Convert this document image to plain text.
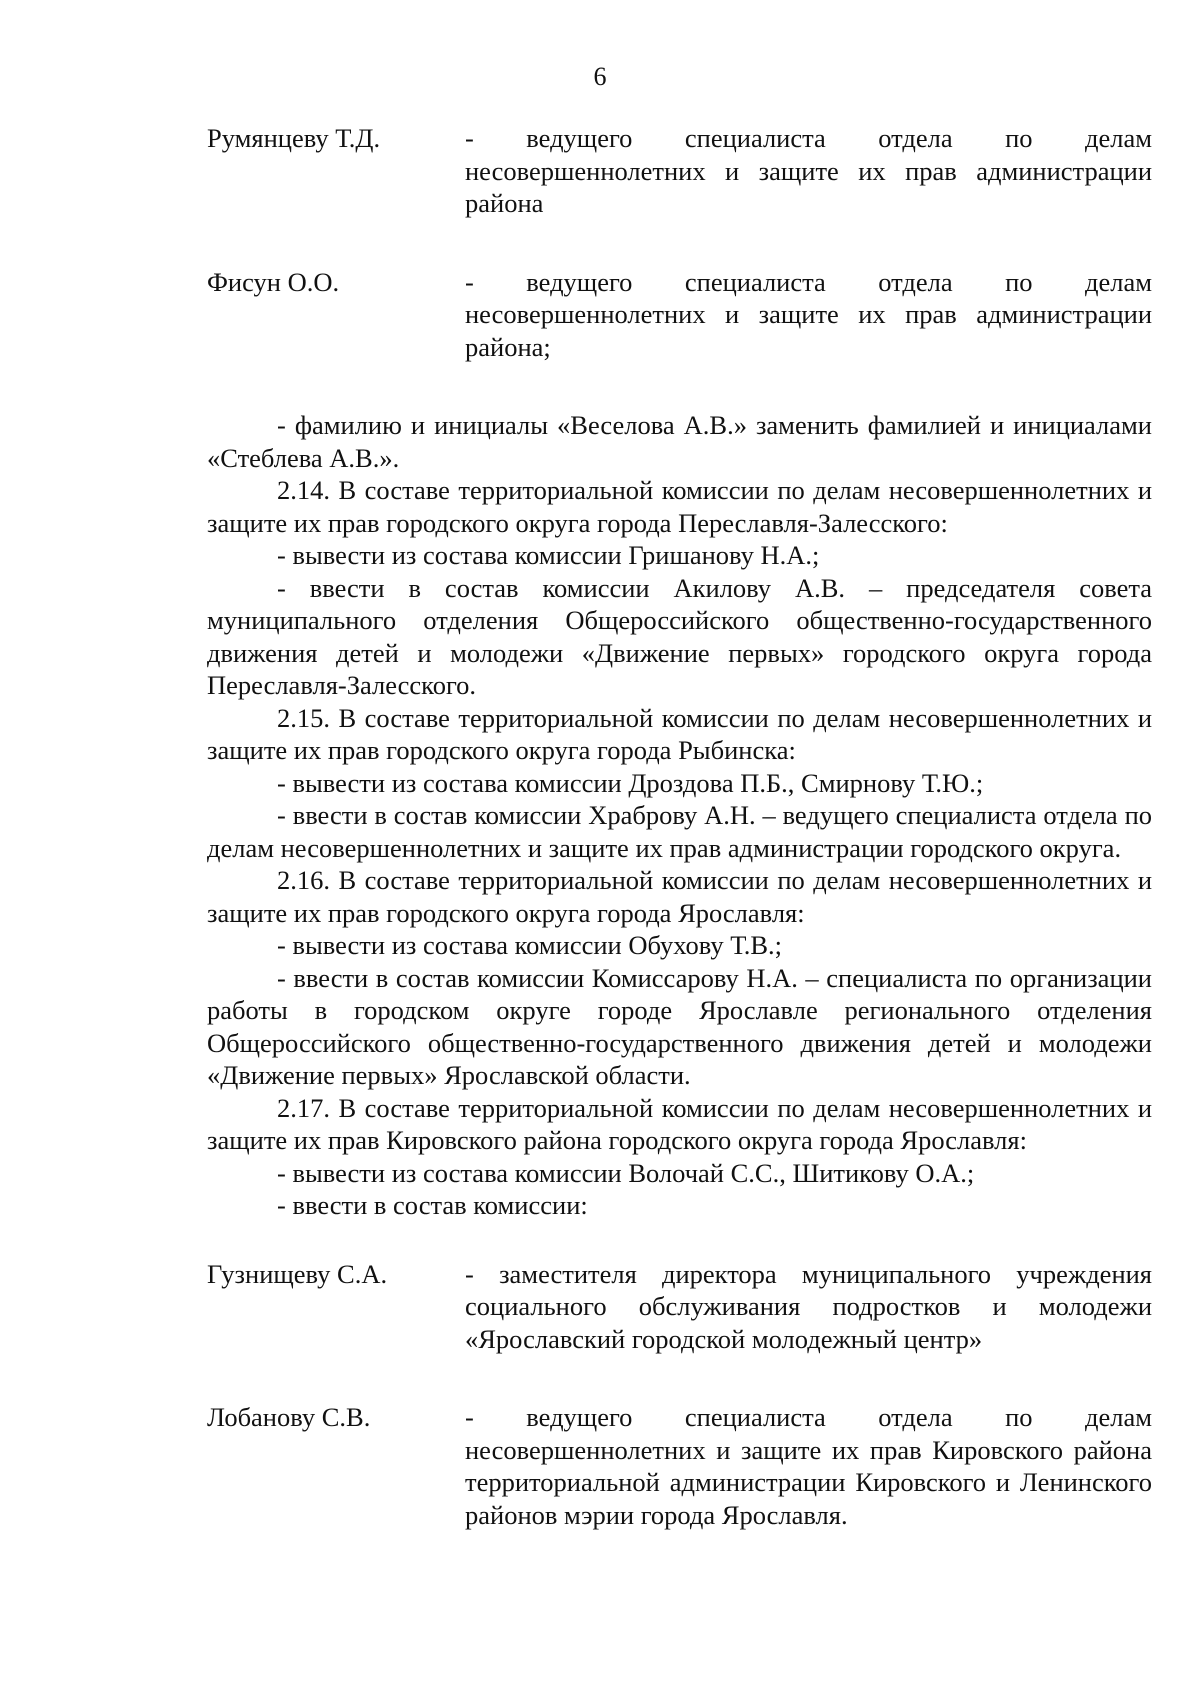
6
Румянцеву Т.Д.	- ведущего специалиста отдела по делам несовершеннолетних и защите их прав администрации района
Фисун О.О.	- ведущего специалиста отдела по делам несовершеннолетних и защите их прав администрации района;

- фамилию и инициалы «Веселова А.В.» заменить фамилией и инициалами «Стеблева А.В.».

2.14. В составе территориальной комиссии по делам несовершеннолетних и защите их прав городского округа города Переславля-Залесского:

- вывести из состава комиссии Гришанову Н.А.;

- ввести в состав комиссии Акилову А.В. – председателя совета муниципального отделения Общероссийского общественно-государственного движения детей и молодежи «Движение первых» городского округа города Переславля-Залесского.

2.15. В составе территориальной комиссии по делам несовершеннолетних и защите их прав городского округа города Рыбинска:

- вывести из состава комиссии Дроздова П.Б., Смирнову Т.Ю.;

- ввести в состав комиссии Храброву А.Н. – ведущего специалиста отдела по делам несовершеннолетних и защите их прав администрации городского округа.

2.16. В составе территориальной комиссии по делам несовершеннолетних и защите их прав городского округа города Ярославля:

- вывести из состава комиссии Обухову Т.В.;

- ввести в состав комиссии Комиссарову Н.А. – специалиста по организации работы в городском округе городе Ярославле регионального отделения Общероссийского общественно-государственного движения детей и молодежи «Движение первых» Ярославской области.

2.17. В составе территориальной комиссии по делам несовершеннолетних и защите их прав Кировского района городского округа города Ярославля:

- вывести из состава комиссии Волочай С.С., Шитикову О.А.;

- ввести в состав комиссии:

Гузнищеву С.А.	- заместителя директора муниципального учреждения социального обслуживания подростков и молодежи «Ярославский городской молодежный центр»
Лобанову С.В.	- ведущего специалиста отдела по делам несовершеннолетних и защите их прав Кировского района территориальной администрации Кировского и Ленинского районов мэрии города Ярославля.
